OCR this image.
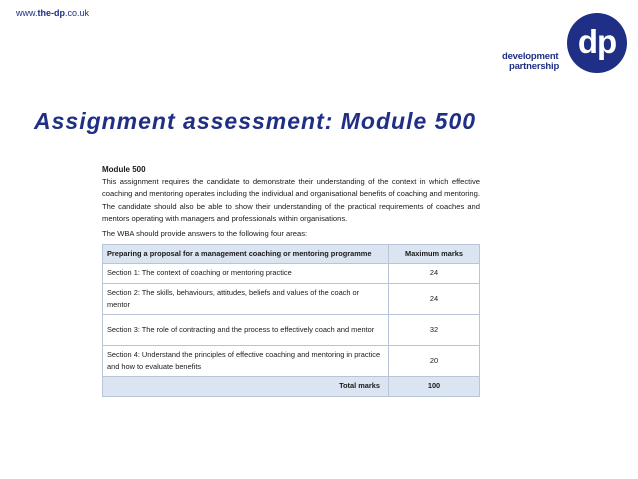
www.the-dp.co.uk
development
partnership
dp
Assignment assessment: Module 500
Module 500

This assignment requires the candidate to demonstrate their understanding of the context in which effective coaching and mentoring operates including the individual and organisational benefits of coaching and mentoring. The candidate should also be able to show their understanding of the practical requirements of coaches and mentors operating with managers and professionals within organisations.

The WBA should provide answers to the following four areas:

Preparing a proposal for a management coaching or mentoring programme	Maximum marks
Section 1: The context of coaching or mentoring practice	24
Section 2: The skills, behaviours, attitudes, beliefs and values of the coach or mentor	24
Section 3: The role of contracting and the process to effectively coach and mentor	32
Section 4: Understand the principles of effective coaching and mentoring in practice and how to evaluate benefits	20
Total marks	100
